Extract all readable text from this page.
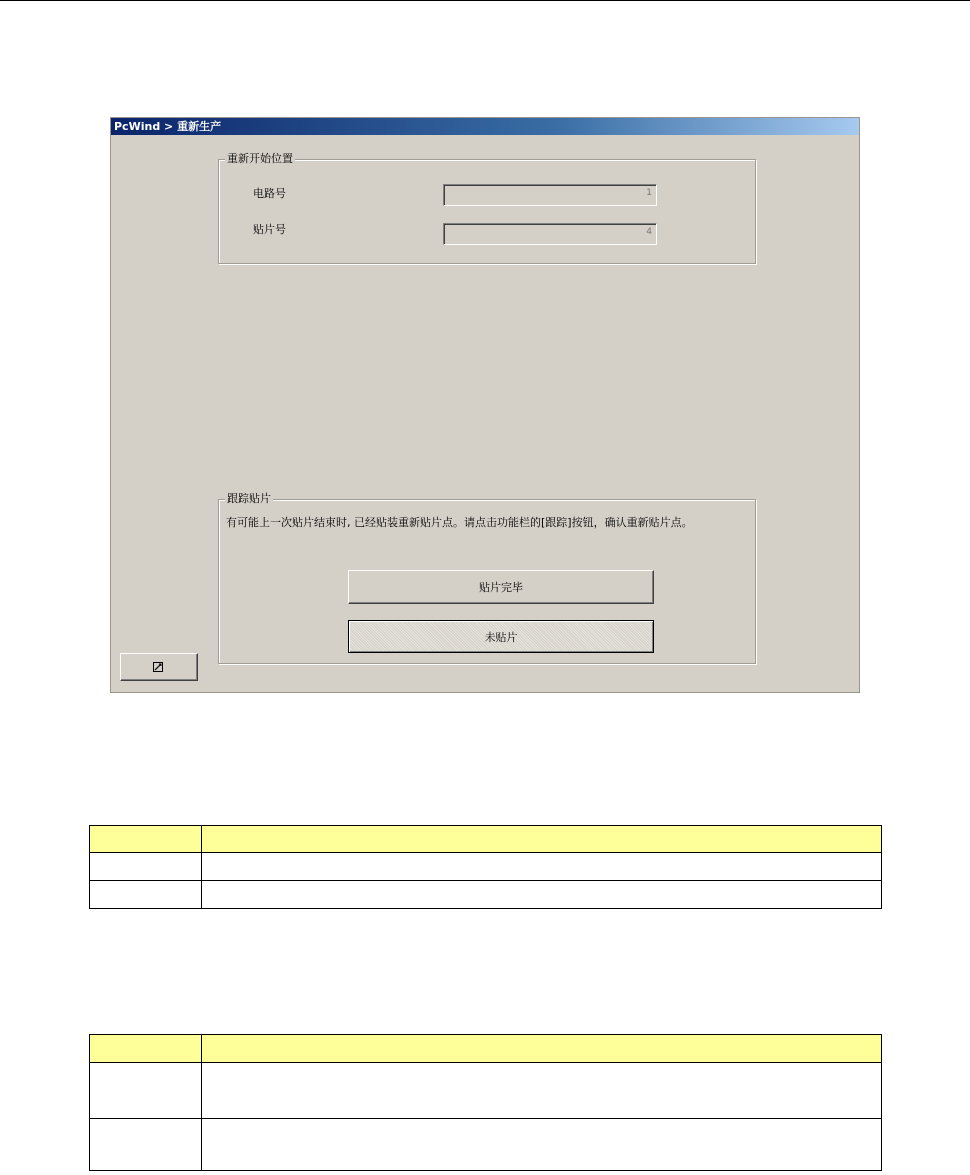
PcWind > 重新生产
重新开始位置
电路号	1
贴片号	4
跟踪贴片
有可能上一次贴片结束时, 已经贴装重新贴片点。请点击功能栏的[跟踪]按钮，确认重新贴片点。
贴片完毕
未贴片
